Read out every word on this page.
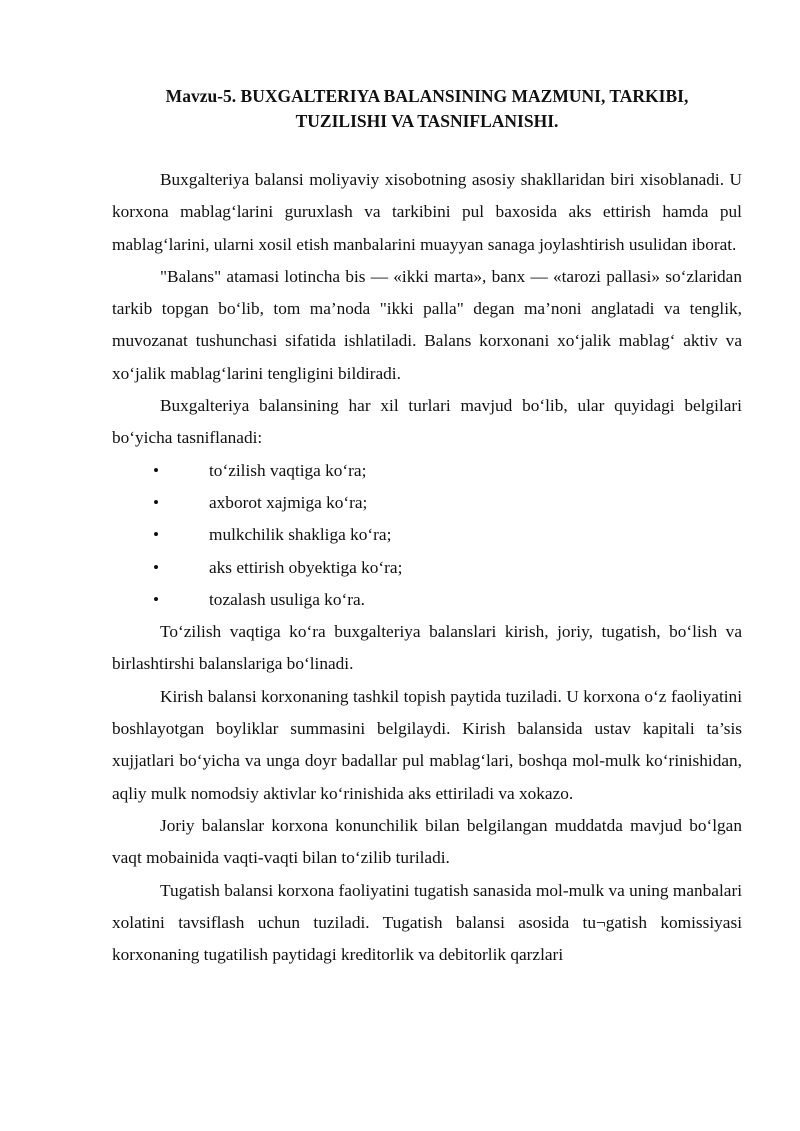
Mavzu-5. BUXGALTERIYA BALANSINING MAZMUNI, TARKIBI,
TUZILISHI VA TASNIFLANISHI.

Buxgalteriya balansi moliyaviy xisobotning asosiy shakllaridan biri xisoblanadi. U korxona mablag‘larini guruxlash va tarkibini pul baxosida aks ettirish hamda pul mablag‘larini, ularni xosil etish manbalarini muayyan sanaga joylashtirish usulidan iborat.

"Balans" atamasi lotincha bis — «ikki marta», banx — «tarozi pallasi» so‘zlaridan tarkib topgan bo‘lib, tom ma’noda "ikki palla" degan ma’noni anglatadi va tenglik, muvozanat tushunchasi sifatida ishlatiladi. Balans korxonani xo‘jalik mablag‘ aktiv va xo‘jalik mablag‘larini tengligini bildiradi.

Buxgalteriya balansining har xil turlari mavjud bo‘lib, ular quyidagi belgilari bo‘yicha tasniflanadi:

•	to‘zilish vaqtiga ko‘ra;
•	axborot xajmiga ko‘ra;
•	mulkchilik shakliga ko‘ra;
•	aks ettirish obyektiga ko‘ra;
•	tozalash usuliga ko‘ra.

To‘zilish vaqtiga ko‘ra buxgalteriya balanslari kirish, joriy, tugatish, bo‘lish va birlashtirshi balanslariga bo‘linadi.

Kirish balansi korxonaning tashkil topish paytida tuziladi. U korxona o‘z faoliyatini boshlayotgan boyliklar summasini belgilaydi. Kirish balansida ustav kapitali ta’sis xujjatlari bo‘yicha va unga doyr badallar pul mablag‘lari, boshqa mol-mulk ko‘rinishidan, aqliy mulk nomodsiy aktivlar ko‘rinishida aks ettiriladi va xokazo.

Joriy balanslar korxona konunchilik bilan belgilangan muddatda mavjud bo‘lgan vaqt mobainida vaqti-vaqti bilan to‘zilib turiladi.

Tugatish balansi korxona faoliyatini tugatish sanasida mol-mulk va uning manbalari xolatini tavsiflash uchun tuziladi. Tugatish balansi asosida tu¬gatish komissiyasi korxonaning tugatilish paytidagi kreditorlik va debitorlik qarzlari
